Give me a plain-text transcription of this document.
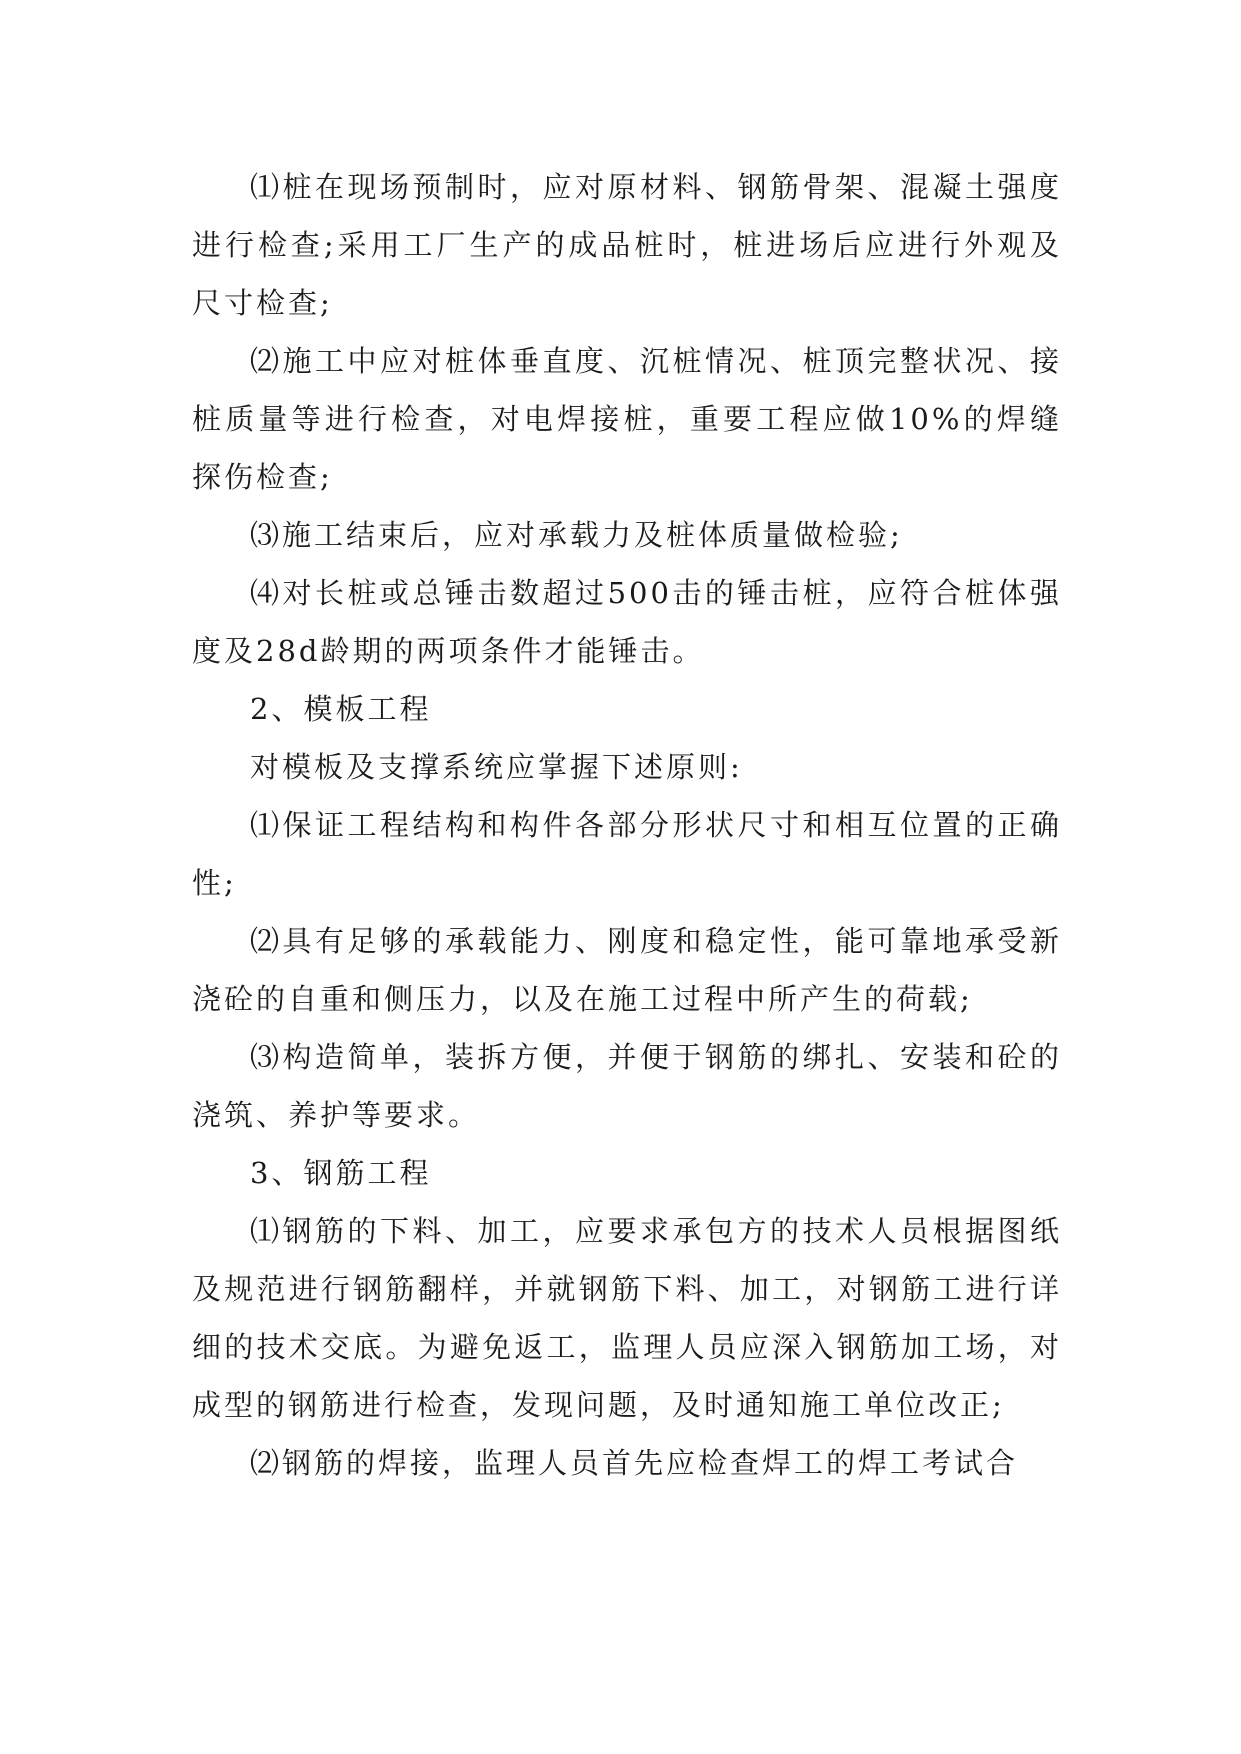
⑴桩在现场预制时，应对原材料、钢筋骨架、混凝土强度进行检查;采用工厂生产的成品桩时，桩进场后应进行外观及尺寸检查;

⑵施工中应对桩体垂直度、沉桩情况、桩顶完整状况、接桩质量等进行检查，对电焊接桩，重要工程应做10%的焊缝探伤检查;

⑶施工结束后，应对承载力及桩体质量做检验;

⑷对长桩或总锤击数超过500击的锤击桩，应符合桩体强度及28d龄期的两项条件才能锤击。

2、模板工程

对模板及支撑系统应掌握下述原则:

⑴保证工程结构和构件各部分形状尺寸和相互位置的正确性;

⑵具有足够的承载能力、刚度和稳定性，能可靠地承受新浇砼的自重和侧压力，以及在施工过程中所产生的荷载;

⑶构造简单，装拆方便，并便于钢筋的绑扎、安装和砼的浇筑、养护等要求。

3、钢筋工程

⑴钢筋的下料、加工，应要求承包方的技术人员根据图纸及规范进行钢筋翻样，并就钢筋下料、加工，对钢筋工进行详细的技术交底。为避免返工，监理人员应深入钢筋加工场，对成型的钢筋进行检查，发现问题，及时通知施工单位改正;

⑵钢筋的焊接，监理人员首先应检查焊工的焊工考试合
